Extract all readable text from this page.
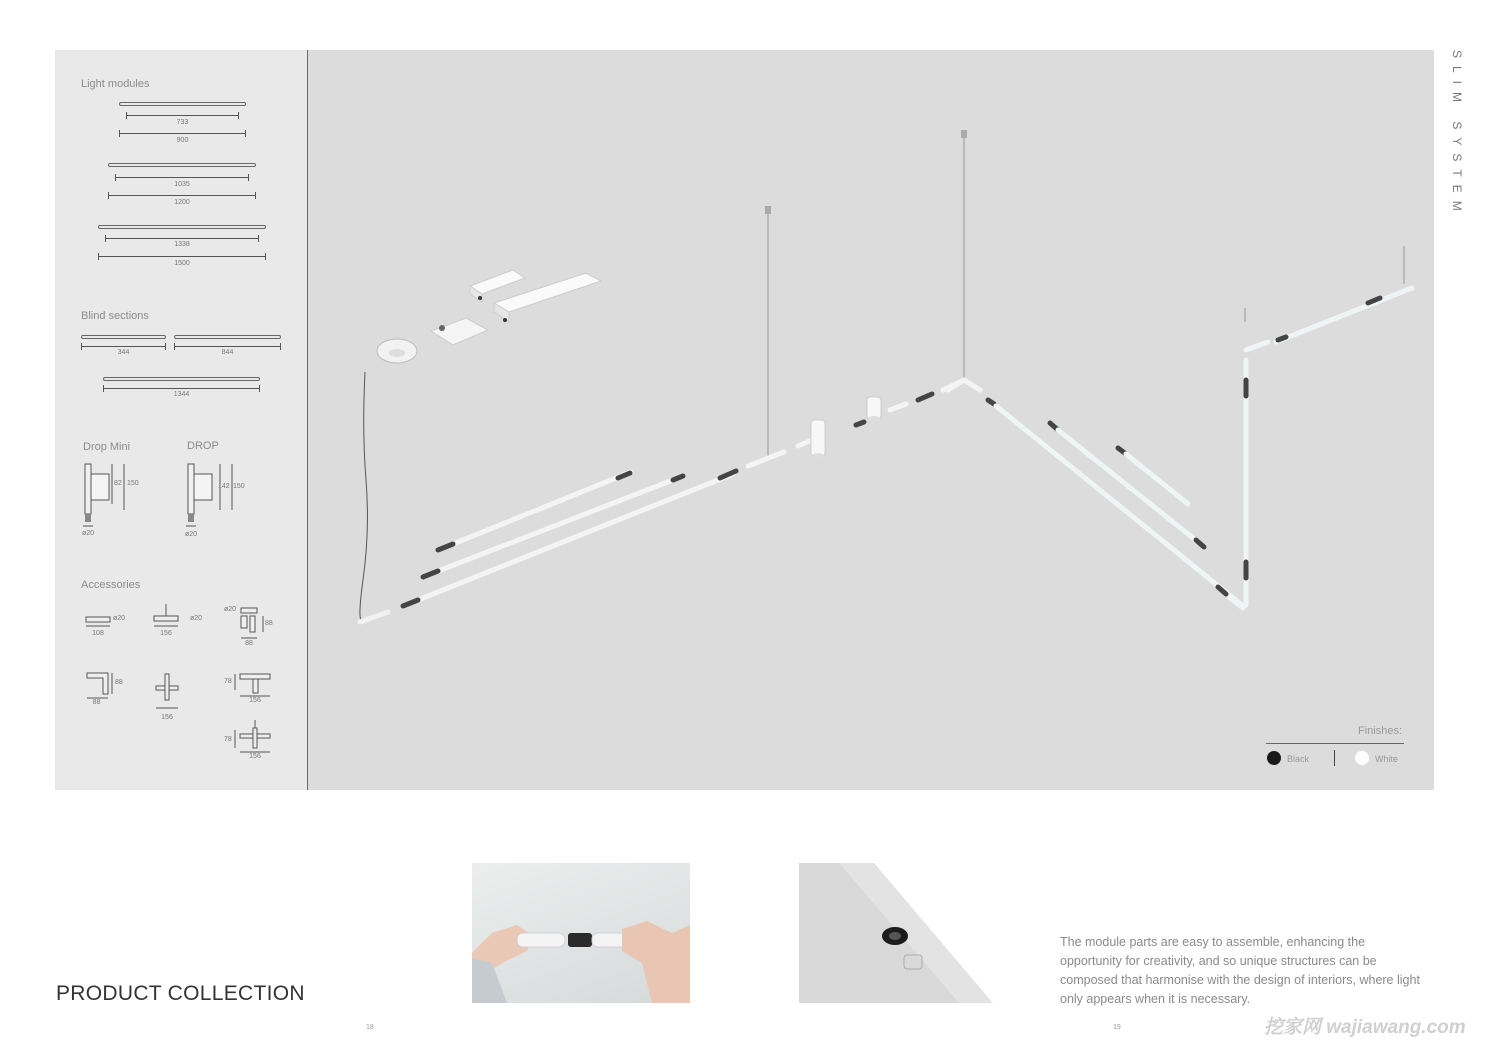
Light modules
733
900
1035
1200
1338
1500
Blind sections
344	844
1344
Drop Mini	DROP
82 150
ø20
142 150
ø20
Accessories
ø20
108
ø20
156
ø20
88
88
88
88
156
78
156
78
156
SLIM SYSTEM
Finishes:
Black	White
The module parts are easy to assemble, enhancing the opportunity for creativity, and so unique structures can be composed that harmonise with the design of interiors, where light only appears when it is necessary.
PRODUCT COLLECTION
18	19	挖家网 wajiawang.com
